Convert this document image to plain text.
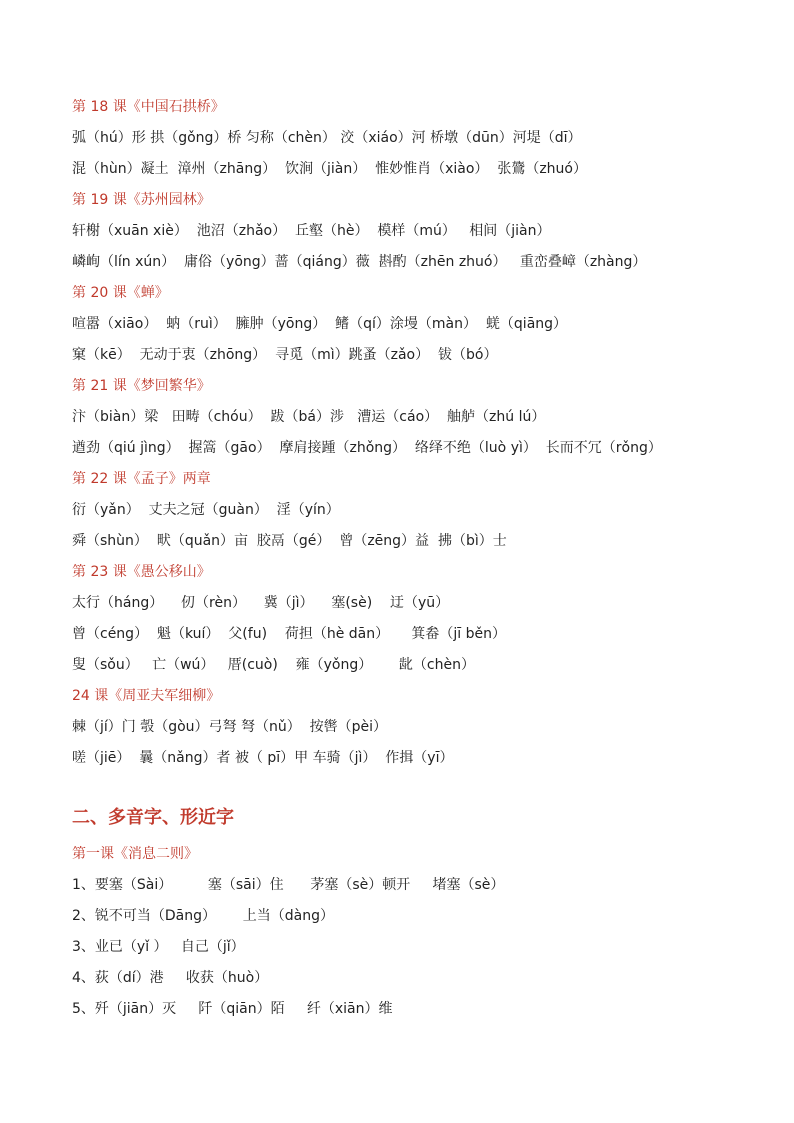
第 18 课《中国石拱桥》
弧（hú）形 拱（gǒng）桥 匀称（chèn） 洨（xiáo）河 桥墩（dūn）河堤（dī）
混（hùn）凝土  漳州（zhāng）  饮涧（jiàn）  惟妙惟肖（xiào）  张鷟（zhuó）
第 19 课《苏州园林》
轩榭（xuān xiè）  池沼（zhǎo）  丘壑（hè）  模样（mú）   相间（jiàn）
嶙峋（lín xún）  庸俗（yōng）蔷（qiáng）薇  斟酌（zhēn zhuó）   重峦叠嶂（zhàng）
第 20 课《蝉》
喧嚣（xiāo）  蚋（ruì）  臃肿（yōng）  鳍（qí）涂墁（màn）  蜣（qiāng）
窠（kē）  无动于衷（zhōng）  寻觅（mì）跳蚤（zǎo）  钹（bó）
第 21 课《梦回繁华》
汴（biàn）梁   田畴（chóu）  跋（bá）涉   漕运（cáo）  舳舻（zhú lú）
遒劲（qiú jìng）  握篙（gāo）  摩肩接踵（zhǒng）  络绎不绝（luò yì）  长而不冗（rǒng）
第 22 课《孟子》两章
衍（yǎn）  丈夫之冠（guàn）  淫（yín）
舜（shùn）  畎（quǎn）亩  胶鬲（gé）  曾（zēng）益  拂（bì）士
第 23 课《愚公移山》
太行（háng）    仞（rèn）    冀（jì）    塞(sè)    迂（yū）
曾（céng）  魁（kuí）  父(fu)    荷担（hè dān）     箕畚（jī běn）
叟（sǒu）   亡（wú）   厝(cuò)    雍（yǒng）      龀（chèn）
24 课《周亚夫军细柳》
棘（jí）门 彀（gòu）弓弩 弩（nǔ）  按辔（pèi）
嗟（jiē）  曩（nǎng）者 被（ pī）甲 车骑（jì）  作揖（yī）
二、多音字、形近字
第一课《消息二则》
1、要塞（Sài）        塞（sāi）住      茅塞（sè）顿开     堵塞（sè）
2、锐不可当（Dāng）      上当（dàng）
3、业已（yǐ ）   自己（jǐ）
4、荻（dí）港     收获（huò）
5、歼（jiān）灭     阡（qiān）陌     纤（xiān）维
